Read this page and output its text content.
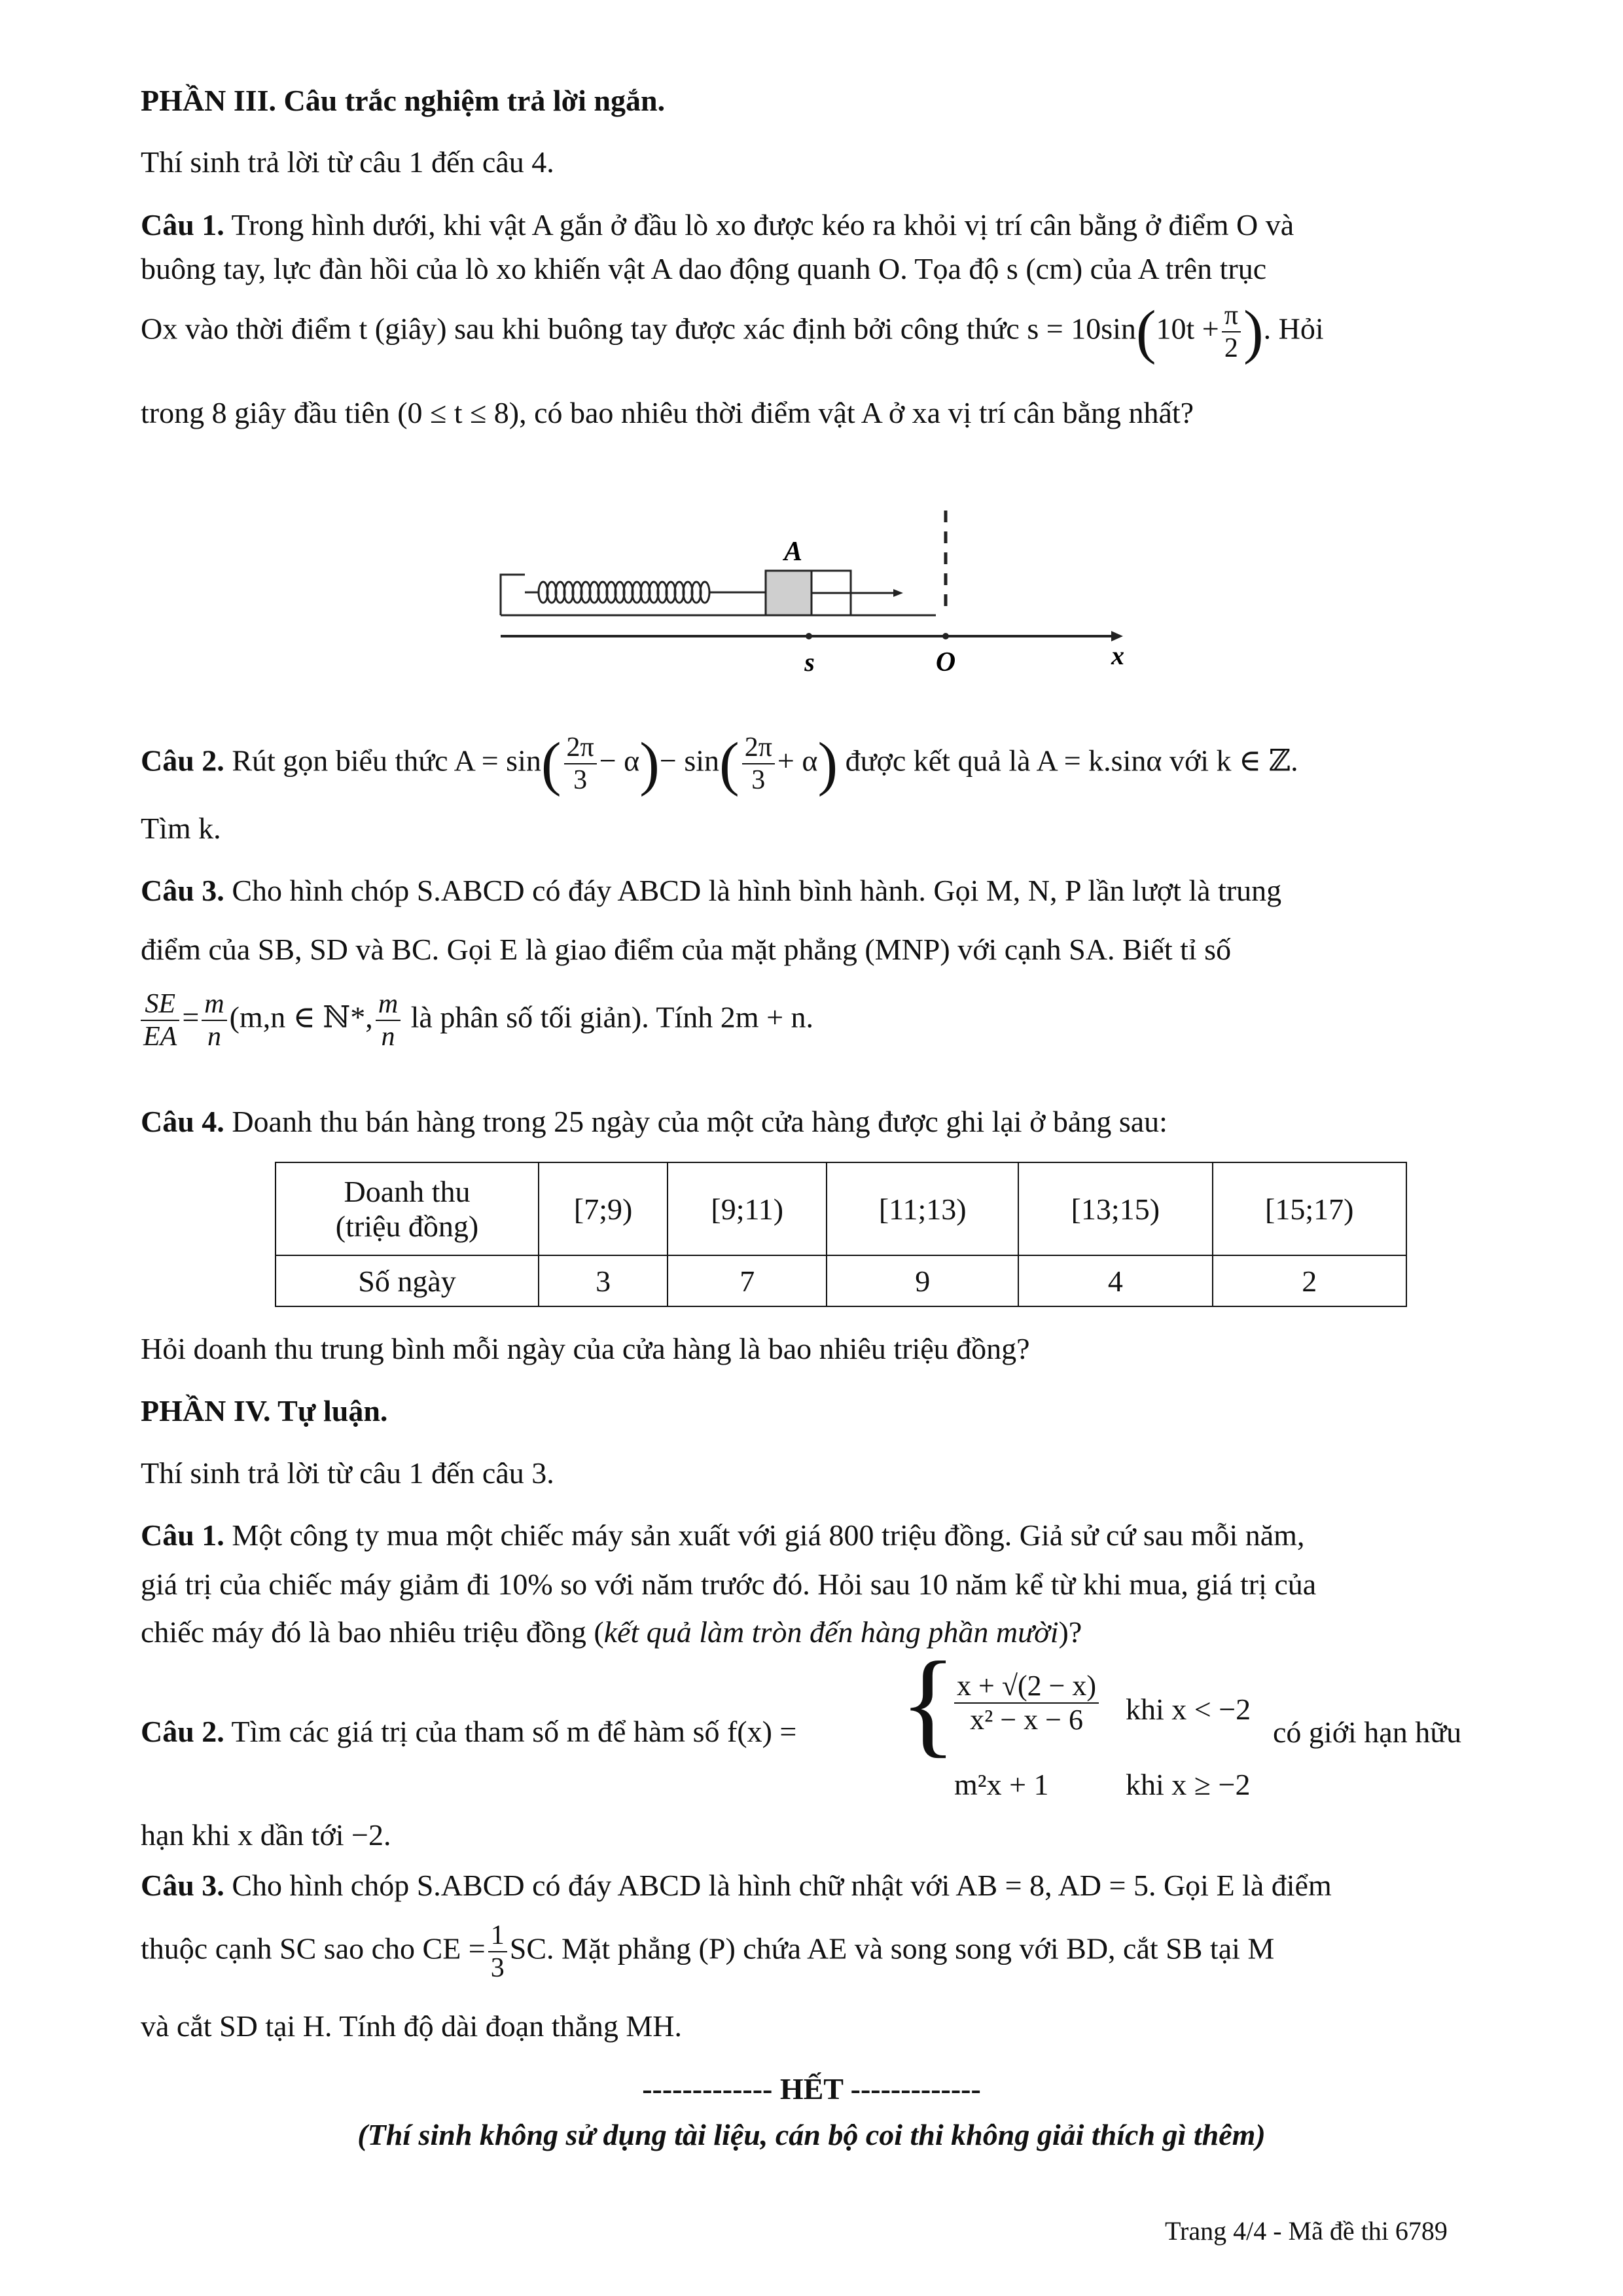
PHẦN III. Câu trắc nghiệm trả lời ngắn.
Thí sinh trả lời từ câu 1 đến câu 4.
Câu 1. Trong hình dưới, khi vật A gắn ở đầu lò xo được kéo ra khỏi vị trí cân bằng ở điểm O và
buông tay, lực đàn hồi của lò xo khiến vật A dao động quanh O. Tọa độ s (cm) của A trên trục
Ox vào thời điểm t (giây) sau khi buông tay được xác định bởi công thức $s = 10\sin(10t + \frac{\pi}{2}$ ). Hỏi
trong 8 giây đầu tiên (0 ≤ t ≤ 8), có bao nhiêu thời điểm vật A ở xa vị trí cân bằng nhất?
A
s	O	x
Câu 2. Rút gọn biểu thức $A = \sin( \frac{2\pi}{3} - \alpha)- \sin( \frac{2\pi}{3} + \alpha)$ được kết quả là A = k.sinα với k ∈ ℤ.
Tìm k.
Câu 3. Cho hình chóp S.ABCD có đáy ABCD là hình bình hành. Gọi M, N, P lần lượt là trung
điểm của SB, SD và BC. Gọi E là giao điểm của mặt phẳng (MNP) với cạnh SA. Biết tỉ số
$\frac{SE}{EA} = \frac{m}{n} (m,n$ ∈ ℕ*, $\frac{m}{n}$ là phân số tối giản). Tính 2m + n.
Câu 4. Doanh thu bán hàng trong 25 ngày của một cửa hàng được ghi lại ở bảng sau:
Doanh thu
(triệu đồng)	[7;9)	[9;11)	[11;13)	[13;15)	[15;17)
Số ngày	3	7	9	4	2
Hỏi doanh thu trung bình mỗi ngày của cửa hàng là bao nhiêu triệu đồng?
PHẦN IV. Tự luận.
Thí sinh trả lời từ câu 1 đến câu 3.
Câu 1. Một công ty mua một chiếc máy sản xuất với giá 800 triệu đồng. Giả sử cứ sau mỗi năm,
giá trị của chiếc máy giảm đi 10% so với năm trước đó. Hỏi sau 10 năm kể từ khi mua, giá trị của
chiếc máy đó là bao nhiêu triệu đồng (kết quả làm tròn đến hàng phần mười)?
Câu 2. Tìm các giá trị của tham số m để hàm số f(x) = {
$\frac{x + √(2 - x)}{\text{x² − x − 6}}$ khi x < −2
m²x + 1	khi x ≥ −2
có giới hạn hữu
hạn khi x dần tới −2.
Câu 3. Cho hình chóp S.ABCD có đáy ABCD là hình chữ nhật với AB = 8, AD = 5. Gọi E là điểm
thuộc cạnh SC sao cho CE = $\frac{1}{3}$ SC. Mặt phẳng (P) chứa AE và song song với BD, cắt SB tại M
và cắt SD tại H. Tính độ dài đoạn thẳng MH.
------------- HẾT -------------
(Thí sinh không sử dụng tài liệu, cán bộ coi thi không giải thích gì thêm)
Trang 4/4 - Mã đề thi 6789
